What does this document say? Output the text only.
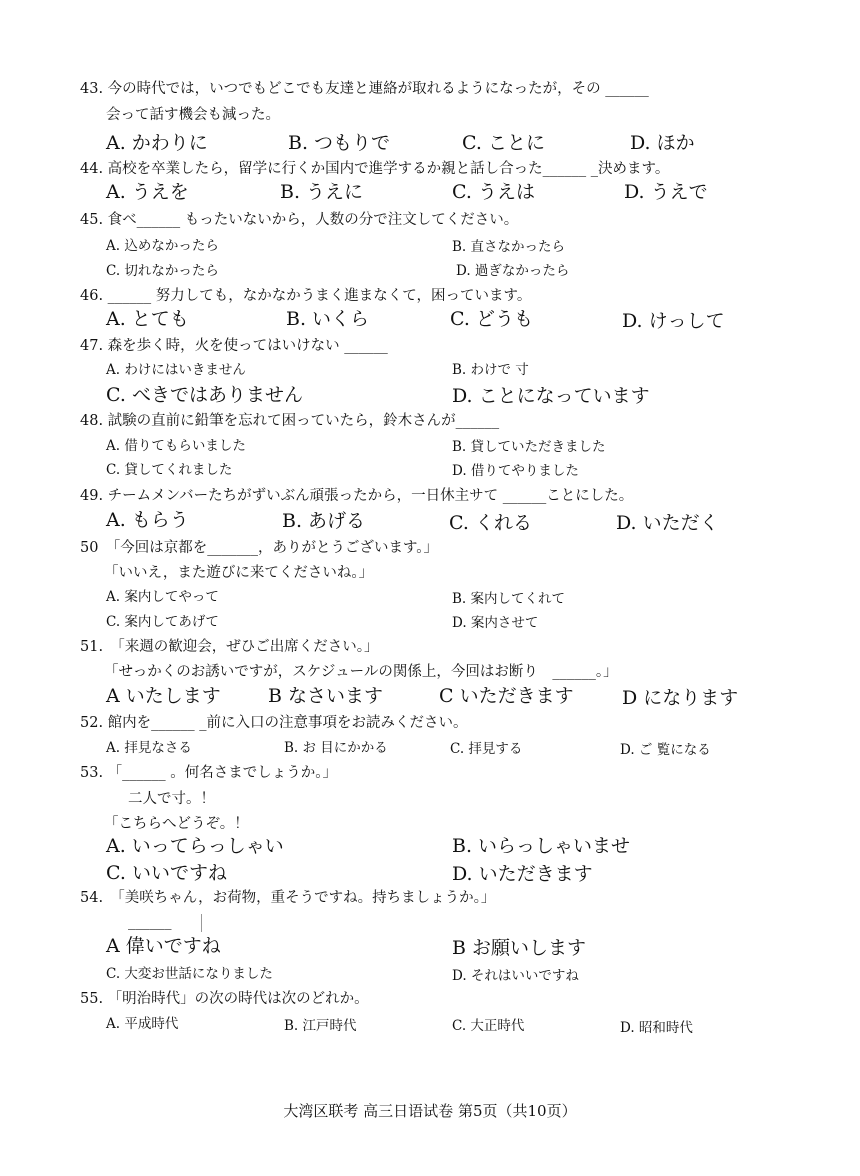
43. 今の時代では，いつでもどこでも友達と連絡が取れるようになったが，その ______
会って話す機会も減った。
A. かわりに	B. つもりで	C. ことに	D. ほか
44. 高校を卒業したら，留学に行くか国内で進学するか親と話し合った______ _決めます。
A. うえを	B. うえに	C. うえは	D. うえで
45. 食べ______ もったいないから，人数の分で注文してください。
A. 込めなかったら	B. 直さなかったら
C. 切れなかったら	D. 過ぎなかったら
46. ______ 努力しても，なかなかうまく進まなくて，困っています。
A. とても	B. いくら	C. どうも	D. けっして
47. 森を歩く時，火を使ってはいけない ______
A. わけにはいきません	B. わけで 寸
C. べきではありません	D. ことになっています
48. 試験の直前に鉛筆を忘れて困っていたら，鈴木さんが______
A. 借りてもらいました	B. 貸していただきました
C. 貸してくれました	D. 借りてやりました
49. チームメンバーたちがずいぶん頑張ったから，一日休主サて ______ことにした。
A. もらう	B. あげる	C. くれる	D. いただく
50　「今回は京都を_______，ありがとうございます。」
「いいえ，また遊びに来てくださいね。」
A. 案内してやって	B. 案内してくれて
C. 案内してあげて	D. 案内させて
51.　「来週の歓迎会，ぜひご出席ください。」
「せっかくのお誘いですが，スケジュールの関係上，今回はお断り　______。」
A いたします B なさいます	C いただきます	D になります
52. 館内を______ _前に入口の注意事項をお読みください。
A. 拝見なさる	B. お 目にかかる	C. 拝見する	D. ご 覧になる
53. 「______ 。何名さまでしょうか。」
二人で寸。！
「こちらへどうぞ。！
A. いってらっしゃい	B. いらっしゃいませ
C. いいですね	D. いただきます
54.　「美咲ちゃん，お荷物，重そうですね。持ちましょうか。」
______
A 偉いですね	B お願いします
C. 大変お世話になりました	D. それはいいですね
55. 「明治時代」の次の時代は次のどれか。
A. 平成時代	B. 江戸時代	C. 大正時代	D. 昭和時代
大湾区联考 高三日语试卷 第5页（共10页）
